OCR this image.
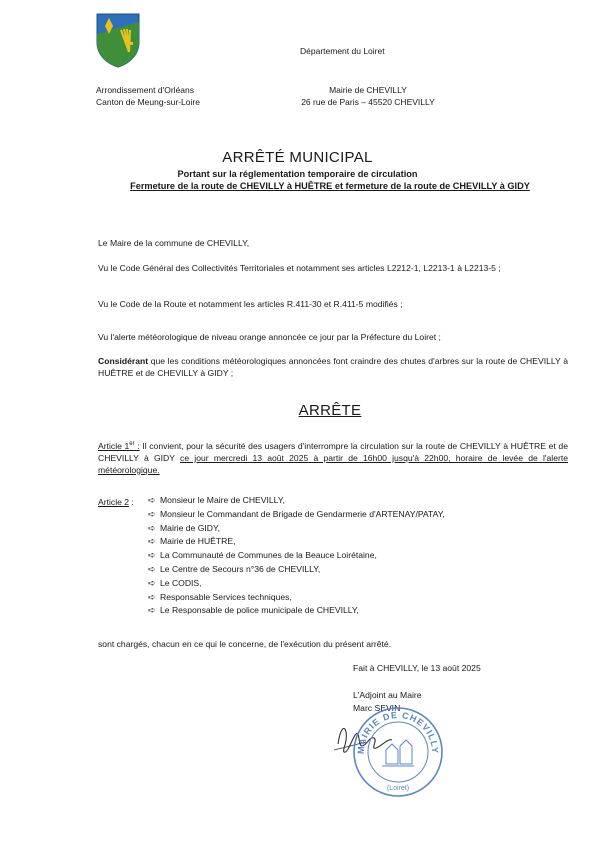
Département du Loiret
Arrondissement d'Orléans
Canton de Meung-sur-Loire
Mairie de CHEVILLY
26 rue de Paris – 45520 CHEVILLY
ARRÊTÉ MUNICIPAL
Portant sur la réglementation temporaire de circulation
Fermeture de la route de CHEVILLY à HUÊTRE et fermeture de la route de CHEVILLY à GIDY
Le Maire de la commune de CHEVILLY,
Vu le Code Général des Collectivités Territoriales et notamment ses articles L2212-1, L2213-1 à L2213-5 ;
Vu le Code de la Route et notamment les articles R.411-30 et R.411-5 modifiés ;
Vu l'alerte météorologique de niveau orange annoncée ce jour par la Préfecture du Loiret ;
Considérant que les conditions météorologiques annoncées font craindre des chutes d'arbres sur la route de CHEVILLY à HUÊTRE et de CHEVILLY à GIDY ;
ARRÊTE
Article 1er : Il convient, pour la sécurité des usagers d'interrompre la circulation sur la route de CHEVILLY à HUÊTRE et de CHEVILLY à GIDY ce jour mercredi 13 août 2025 à partir de 16h00 jusqu'à 22h00, horaire de levée de l'alerte météorologique.
Article 2 : ➪ Monsieur le Maire de CHEVILLY,
➪ Monsieur le Commandant de Brigade de Gendarmerie d'ARTENAY/PATAY,
➪ Mairie de GIDY,
➪ Mairie de HUÊTRE,
➪ La Communauté de Communes de la Beauce Loirétaine,
➪ Le Centre de Secours n°36 de CHEVILLY,
➪ Le CODIS,
➪ Responsable Services techniques,
➪ Le Responsable de police municipale de CHEVILLY,
sont chargés, chacun en ce qui le concerne, de l'exécution du présent arrêté.
Fait à CHEVILLY, le 13 août 2025
L'Adjoint au Maire
Marc SEVIN
MAIRIE DE CHEVILLY
(Loiret)
